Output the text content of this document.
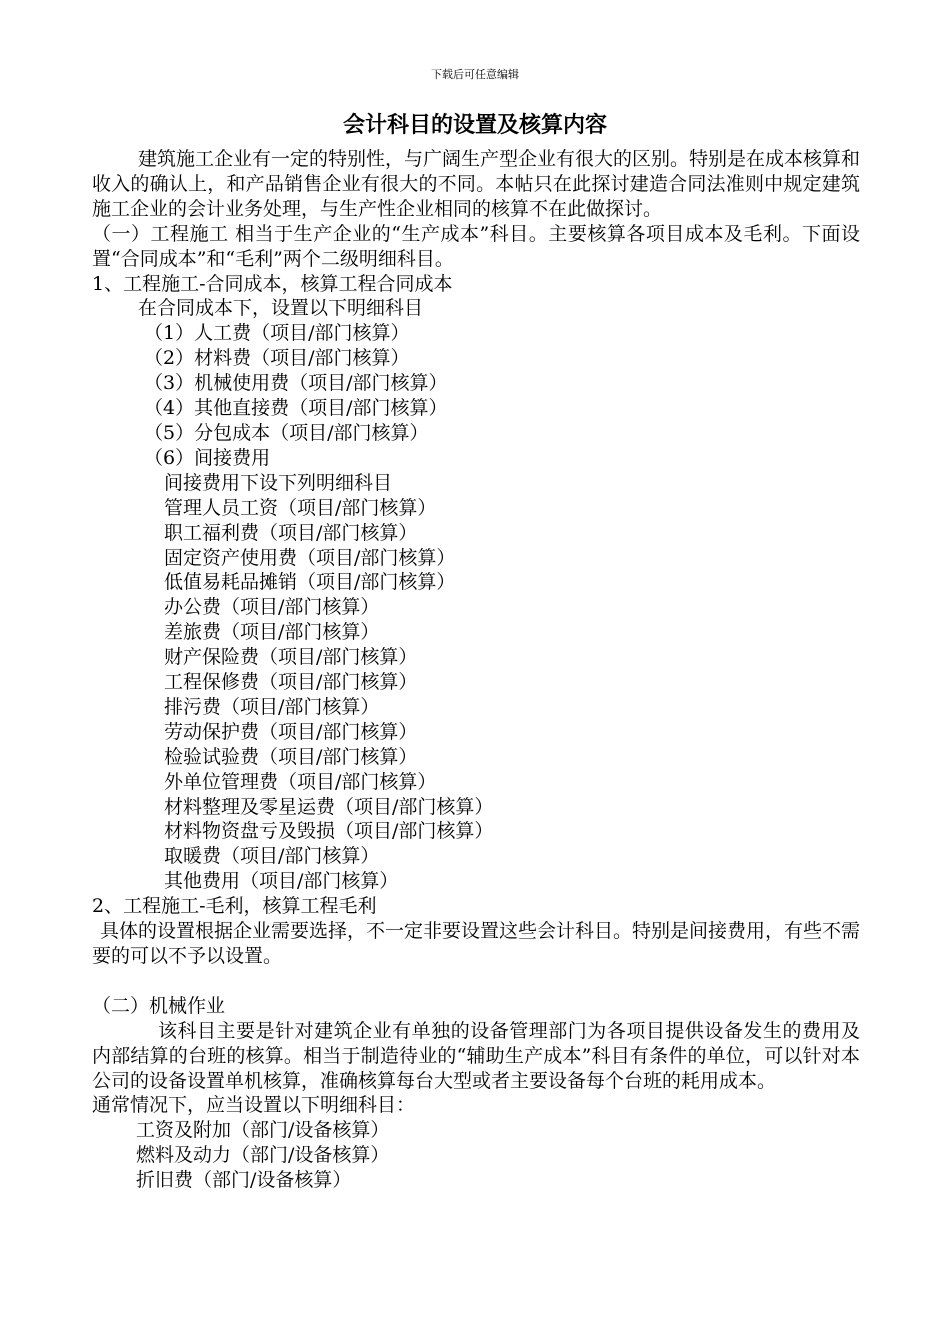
下载后可任意编辑
会计科目的设置及核算内容

建筑施工企业有一定的特别性，与广阔生产型企业有很大的区别。特别是在成本核算和收入的确认上，和产品销售企业有很大的不同。本帖只在此探讨建造合同法准则中规定建筑施工企业的会计业务处理，与生产性企业相同的核算不在此做探讨。

（一）工程施工 相当于生产企业的“生产成本”科目。主要核算各项目成本及毛利。下面设置“合同成本”和“毛利”两个二级明细科目。

1、工程施工-合同成本，核算工程合同成本

在合同成本下，设置以下明细科目

（1）人工费（项目/部门核算）

（2）材料费（项目/部门核算）

（3）机械使用费（项目/部门核算）

（4）其他直接费（项目/部门核算）

（5）分包成本（项目/部门核算）

（6）间接费用

间接费用下设下列明细科目

管理人员工资（项目/部门核算）

职工福利费（项目/部门核算）

固定资产使用费（项目/部门核算）

低值易耗品摊销（项目/部门核算）

办公费（项目/部门核算）

差旅费（项目/部门核算）

财产保险费（项目/部门核算）

工程保修费（项目/部门核算）

排污费（项目/部门核算）

劳动保护费（项目/部门核算）

检验试验费（项目/部门核算）

外单位管理费（项目/部门核算）

材料整理及零星运费（项目/部门核算）

材料物资盘亏及毁损（项目/部门核算）

取暖费（项目/部门核算）

其他费用（项目/部门核算）

2、工程施工-毛利，核算工程毛利

具体的设置根据企业需要选择，不一定非要设置这些会计科目。特别是间接费用，有些不需要的可以不予以设置。

（二）机械作业

该科目主要是针对建筑企业有单独的设备管理部门为各项目提供设备发生的费用及内部结算的台班的核算。相当于制造待业的“辅助生产成本”科目有条件的单位，可以针对本公司的设备设置单机核算，准确核算每台大型或者主要设备每个台班的耗用成本。

通常情况下，应当设置以下明细科目：

工资及附加（部门/设备核算）

燃料及动力（部门/设备核算）

折旧费（部门/设备核算）
